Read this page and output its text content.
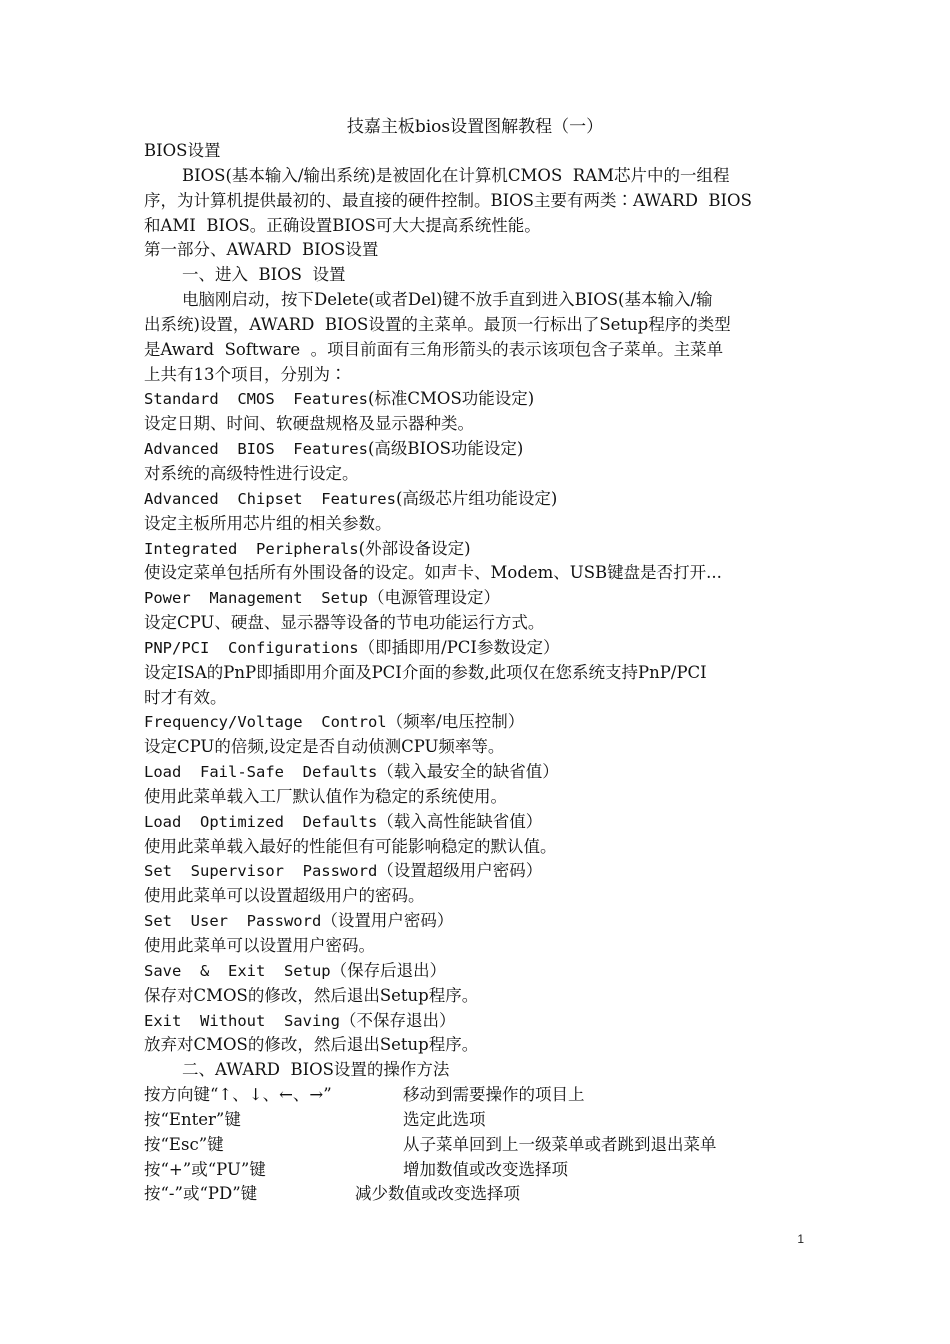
技嘉主板bios设置图解教程（一）
BIOS设置
BIOS(基本输入/输出系统)是被固化在计算机CMOS  RAM芯片中的一组程
序，为计算机提供最初的、最直接的硬件控制。BIOS主要有两类∶AWARD  BIOS
和AMI  BIOS。正确设置BIOS可大大提高系统性能。
第一部分、AWARD  BIOS设置
一、进入  BIOS  设置
电脑刚启动，按下Delete(或者Del)键不放手直到进入BIOS(基本输入/输
出系统)设置，AWARD  BIOS设置的主菜单。最顶一行标出了Setup程序的类型
是Award  Software  。项目前面有三角形箭头的表示该项包含子菜单。主菜单
上共有13个项目，分别为∶
Standard  CMOS  Features(标准CMOS功能设定)
设定日期、时间、软硬盘规格及显示器种类。
Advanced  BIOS  Features(高级BIOS功能设定)
对系统的高级特性进行设定。
Advanced  Chipset  Features(高级芯片组功能设定)
设定主板所用芯片组的相关参数。
Integrated  Peripherals(外部设备设定)
使设定菜单包括所有外围设备的设定。如声卡、Modem、USB键盘是否打开...
Power  Management  Setup（电源管理设定）
设定CPU、硬盘、显示器等设备的节电功能运行方式。
PNP/PCI  Configurations（即插即用/PCI参数设定）
设定ISA的PnP即插即用介面及PCI介面的参数,此项仅在您系统支持PnP/PCI
时才有效。
Frequency/Voltage  Control（频率/电压控制）
设定CPU的倍频,设定是否自动侦测CPU频率等。
Load  Fail-Safe  Defaults（载入最安全的缺省值）
使用此菜单载入工厂默认值作为稳定的系统使用。
Load  Optimized  Defaults（载入高性能缺省值）
使用此菜单载入最好的性能但有可能影响稳定的默认值。
Set  Supervisor  Password（设置超级用户密码）
使用此菜单可以设置超级用户的密码。
Set  User  Password（设置用户密码）
使用此菜单可以设置用户密码。
Save  &  Exit  Setup（保存后退出）
保存对CMOS的修改，然后退出Setup程序。
Exit  Without  Saving（不保存退出）
放弃对CMOS的修改，然后退出Setup程序。
二、AWARD  BIOS设置的操作方法
按方向键“↑、↓、←、→”	移动到需要操作的项目上
按“Enter”键	选定此选项
按“Esc”键	从子菜单回到上一级菜单或者跳到退出菜单
按“+”或“PU”键	增加数值或改变选择项
按“-”或“PD”键	减少数值或改变选择项
1
